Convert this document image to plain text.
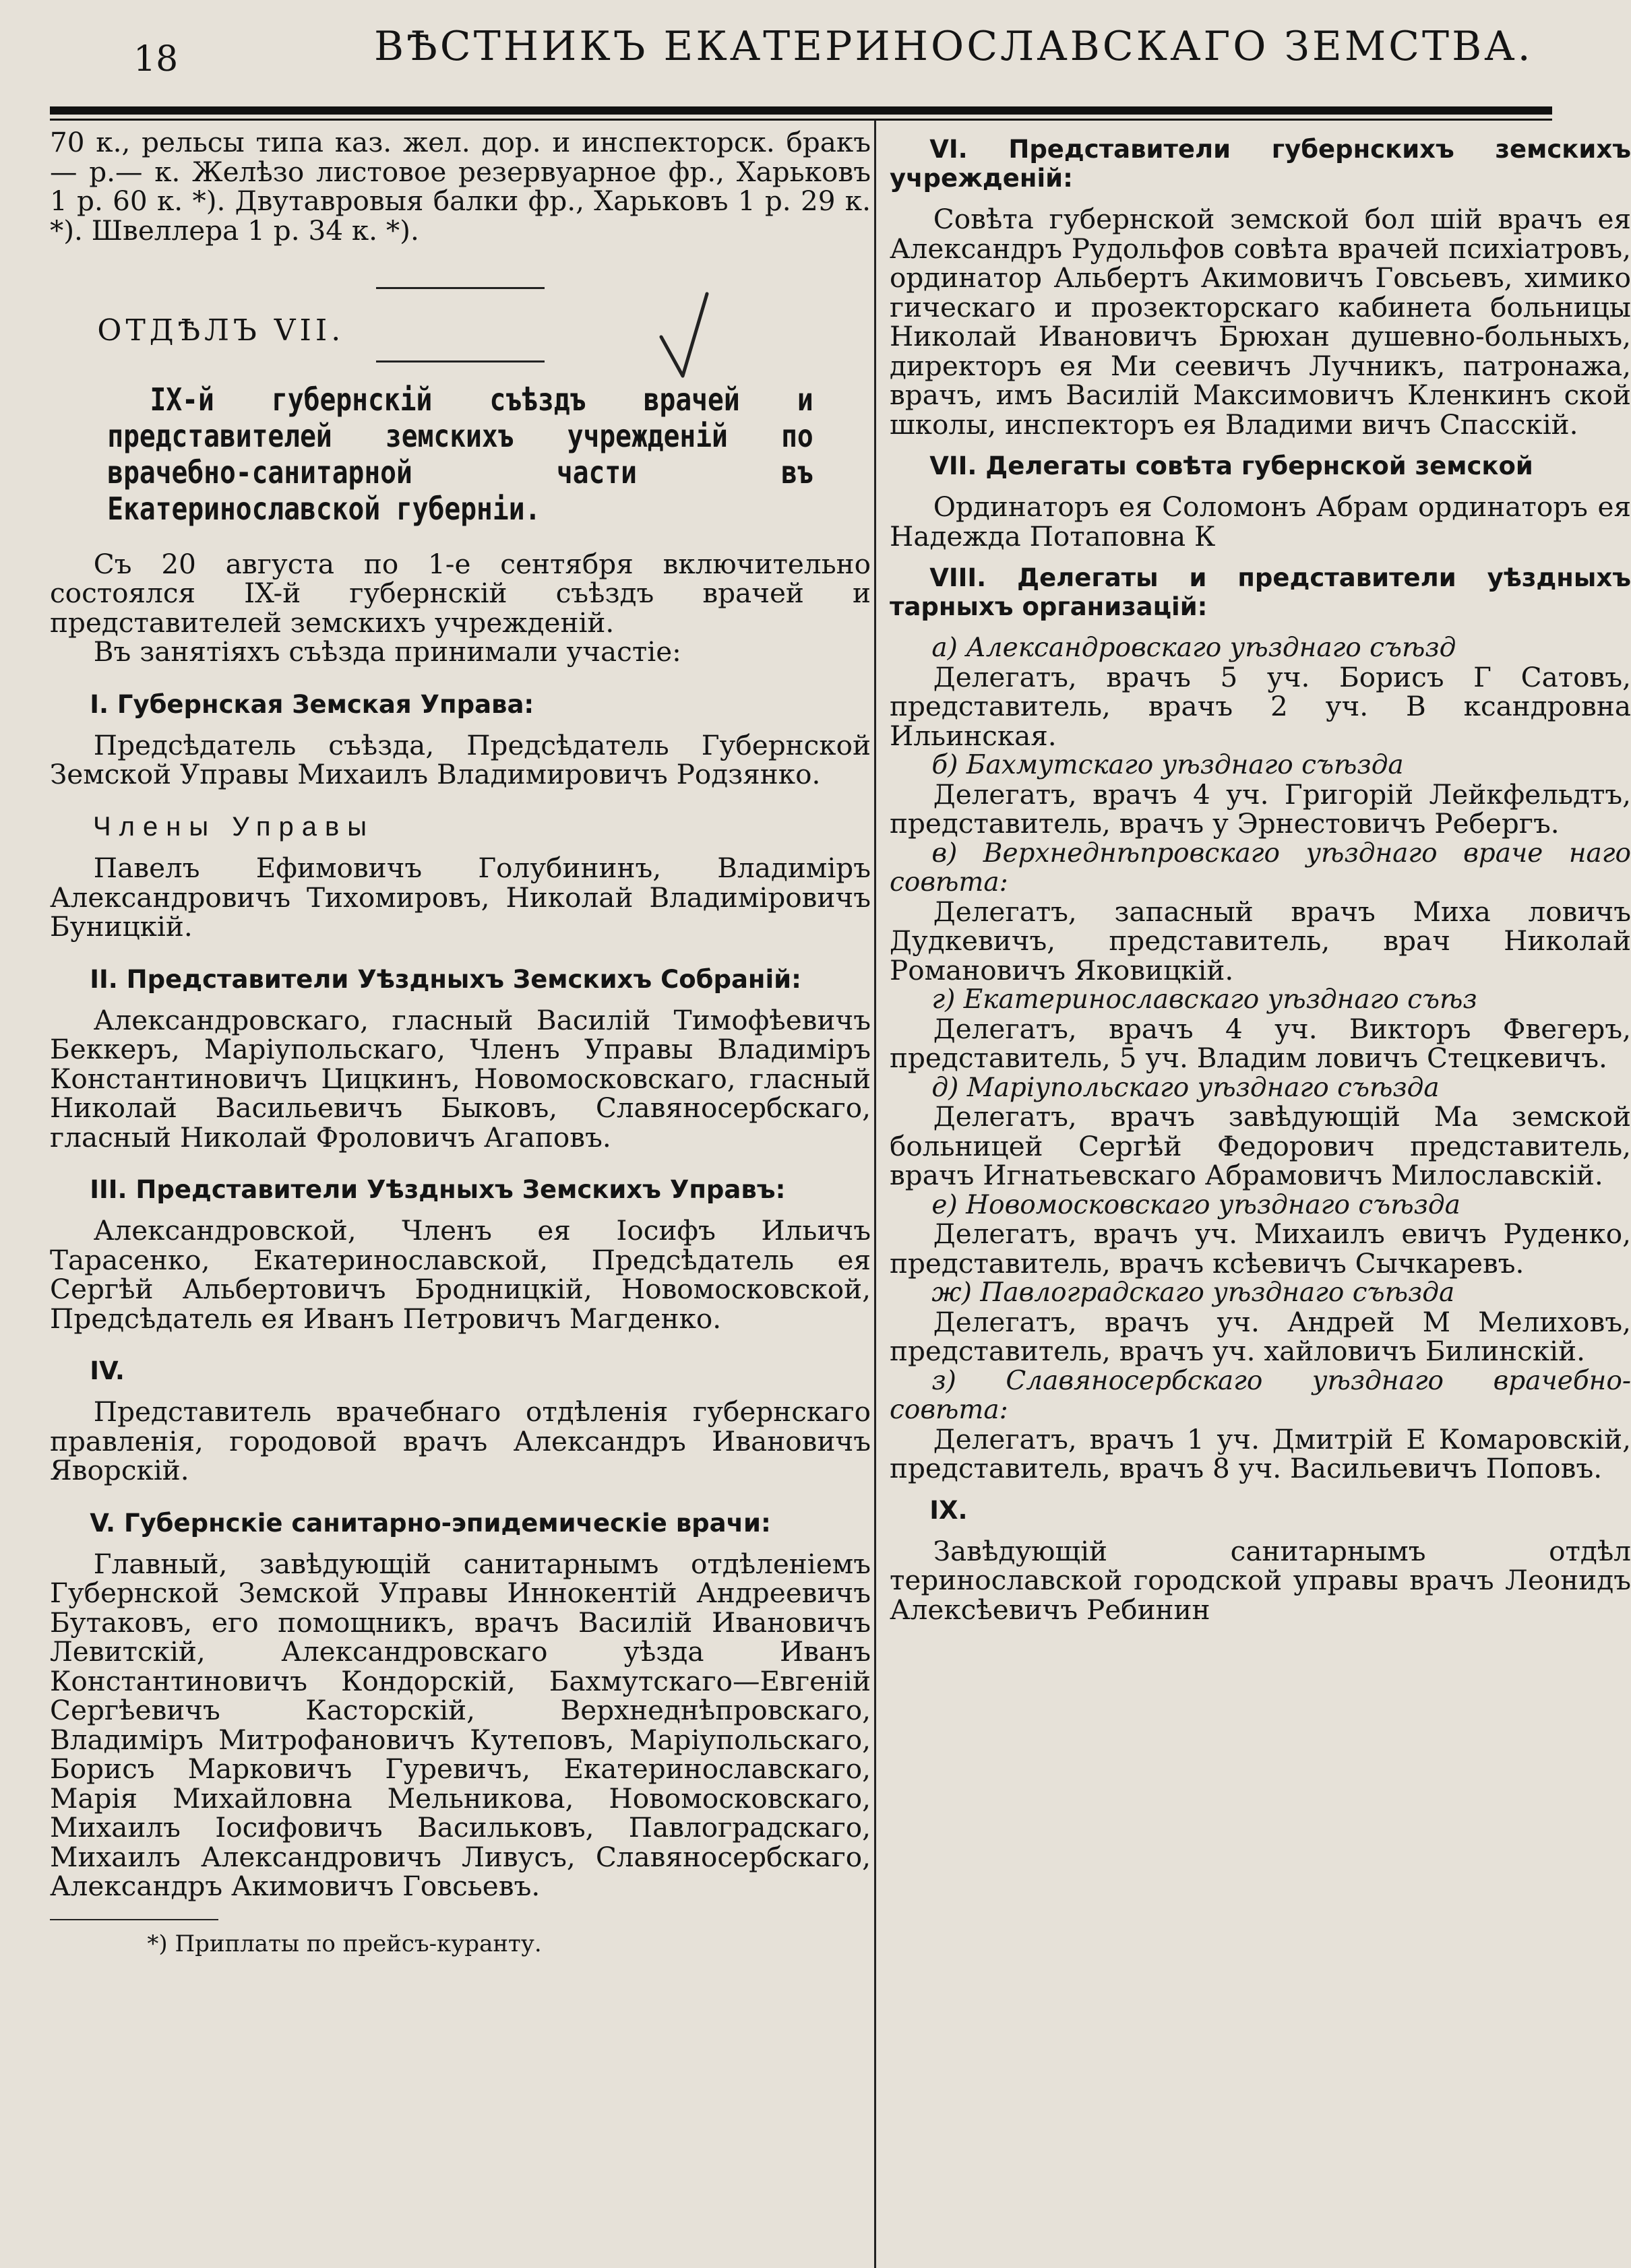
18	ВѢСТНИКЪ ЕКАТЕРИНОСЛАВСКАГО ЗЕМСТВА.

70 к., рельсы типа каз. жел. дор. и инспекторск. бракъ— р.— к. Желѣзо листовое резервуарное фр., Харьковъ 1 р. 60 к. *). Двутавровыя балки фр., Харьковъ 1 р. 29 к. *). Швеллера 1 р. 34 к. *).

ОТДѢЛЪ VII.

IX-й губернскій съѣздъ врачей и представителей земскихъ учрежденій по врачебно-санитарной части въ Екатеринославской губерніи.

Съ 20 августа по 1-е сентября включительно состоялся IX-й губернскій съѣздъ врачей и представителей земскихъ учрежденій.

Въ занятіяхъ съѣзда принимали участіе:

I. Губернская Земская Управа:

Предсѣдатель съѣзда, Предсѣдатель Губернской Земской Управы Михаилъ Владимировичъ Родзянко.

Члены Управы

Павелъ Ефимовичъ Голубининъ, Владиміръ Александровичъ Тихомировъ, Николай Владиміровичъ Буницкій.

II. Представители Уѣздныхъ Земскихъ Собраній:

Александровскаго, гласный Василій Тимофѣевичъ Беккеръ, Маріупольскаго, Членъ Управы Владиміръ Константиновичъ Цицкинъ, Новомосковскаго, гласный Николай Васильевичъ Быковъ, Славяносербскаго, гласный Николай Фроловичъ Агаповъ.

III. Представители Уѣздныхъ Земскихъ Управъ:

Александровской, Членъ ея Іосифъ Ильичъ Тарасенко, Екатеринославской, Предсѣдатель ея Сергѣй Альбертовичъ Бродницкій, Новомосковской, Предсѣдатель ея Иванъ Петровичъ Магденко.

IV.

Представитель врачебнаго отдѣленія губернскаго правленія, городовой врачъ Александръ Ивановичъ Яворскій.

V. Губернскіе санитарно-эпидемическіе врачи:

Главный, завѣдующій санитарнымъ отдѣленіемъ Губернской Земской Управы Иннокентій Андреевичъ Бутаковъ, его помощникъ, врачъ Василій Ивановичъ Левитскій, Александровскаго уѣзда Иванъ Константиновичъ Кондорскій, Бахмутскаго—Евгеній Сергѣевичъ Касторскій, Верхнеднѣпровскаго, Владиміръ Митрофановичъ Кутеповъ, Маріупольскаго, Борисъ Марковичъ Гуревичъ, Екатеринославскаго, Марія Михайловна Мельникова, Новомосковскаго, Михаилъ Іосифовичъ Васильковъ, Павлоградскаго, Михаилъ Александровичъ Ливусъ, Славяносербскаго, Александръ Акимовичъ Говсьевъ.

*) Приплаты по прейсъ-куранту.

VI. Представители губернскихъ земскихъ учрежденій:

Совѣта губернской земской бол шій врачъ ея Александръ Рудольфов совѣта врачей психіатровъ, ординатор Альбертъ Акимовичъ Говсьевъ, химико гическаго и прозекторскаго кабинета больницы Николай Ивановичъ Брюхан душевно-больныхъ, директоръ ея Ми сеевичъ Лучникъ, патронажа, врачъ, имъ Василій Максимовичъ Кленкинъ ской школы, инспекторъ ея Владими вичъ Спасскій.

VII. Делегаты совѣта губернской земской

Ординаторъ ея Соломонъ Абрам ординаторъ ея Надежда Потаповна К

VIII. Делегаты и представители уѣздныхъ тарныхъ организацій:

а) Александровскаго уѣзднаго съѣзд

Делегатъ, врачъ 5 уч. Борисъ Г Сатовъ, представитель, врачъ 2 уч. В ксандровна Ильинская.

б) Бахмутскаго уѣзднаго съѣзда

Делегатъ, врачъ 4 уч. Григорій Лейкфельдтъ, представитель, врачъ у Эрнестовичъ Ребергъ.

в) Верхнеднѣпровскаго уѣзднаго враче наго совѣта:

Делегатъ, запасный врачъ Миха ловичъ Дудкевичъ, представитель, врач Николай Романовичъ Яковицкій.

г) Екатеринославскаго уѣзднаго съѣз

Делегатъ, врачъ 4 уч. Викторъ Фвегеръ, представитель, 5 уч. Владим ловичъ Стецкевичъ.

д) Маріупольскаго уѣзднаго съѣзда

Делегатъ, врачъ завѣдующій Ма земской больницей Сергѣй Федорович представитель, врачъ Игнатьевскаго Абрамовичъ Милославскій.

е) Новомосковскаго уѣзднаго съѣзда

Делегатъ, врачъ уч. Михаилъ евичъ Руденко, представитель, врачъ ксѣевичъ Сычкаревъ.

ж) Павлоградскаго уѣзднаго съѣзда

Делегатъ, врачъ уч. Андрей М Мелиховъ, представитель, врачъ уч. хайловичъ Билинскій.

з) Славяносербскаго уѣзднаго врачебно- совѣта:

Делегатъ, врачъ 1 уч. Дмитрій Е Комаровскій, представитель, врачъ 8 уч. Васильевичъ Поповъ.

IX.

Завѣдующій санитарнымъ отдѣл теринославской городской управы врачъ Леонидъ Алексѣевичъ Ребинин
